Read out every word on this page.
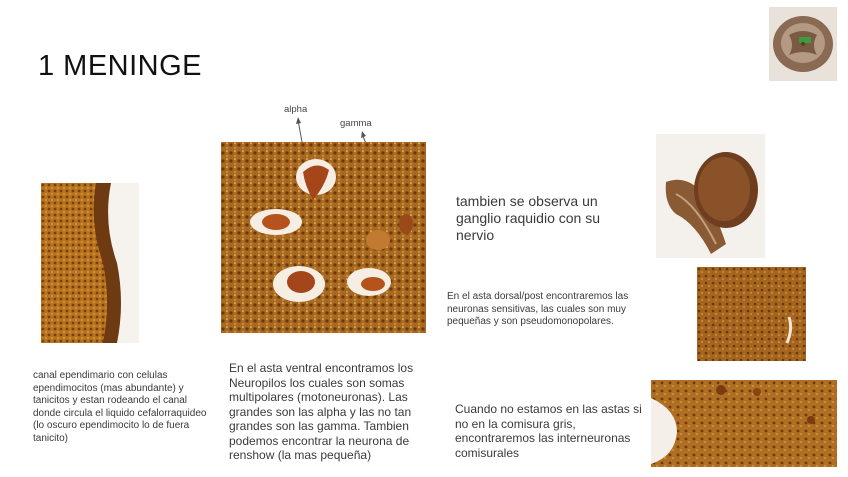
1 MENINGE
alpha
gamma
canal ependimario con celulas ependimocitos (mas abundante) y tanicitos y estan rodeando el canal donde circula el liquido cefalorraquideo (lo oscuro ependimocito lo de fuera tanicito)
En el asta ventral encontramos los Neuropilos los cuales son somas multipolares (motoneuronas). Las grandes son las alpha y las no tan grandes son las gamma. Tambien podemos encontrar la neurona de renshow (la mas pequeña)
tambien se observa un ganglio raquidio con su nervio
En el asta dorsal/post encontraremos las neuronas sensitivas, las cuales son muy pequeñas y son pseudomonopolares.
Cuando no estamos en las astas si no en la comisura gris, encontraremos las interneuronas comisurales
